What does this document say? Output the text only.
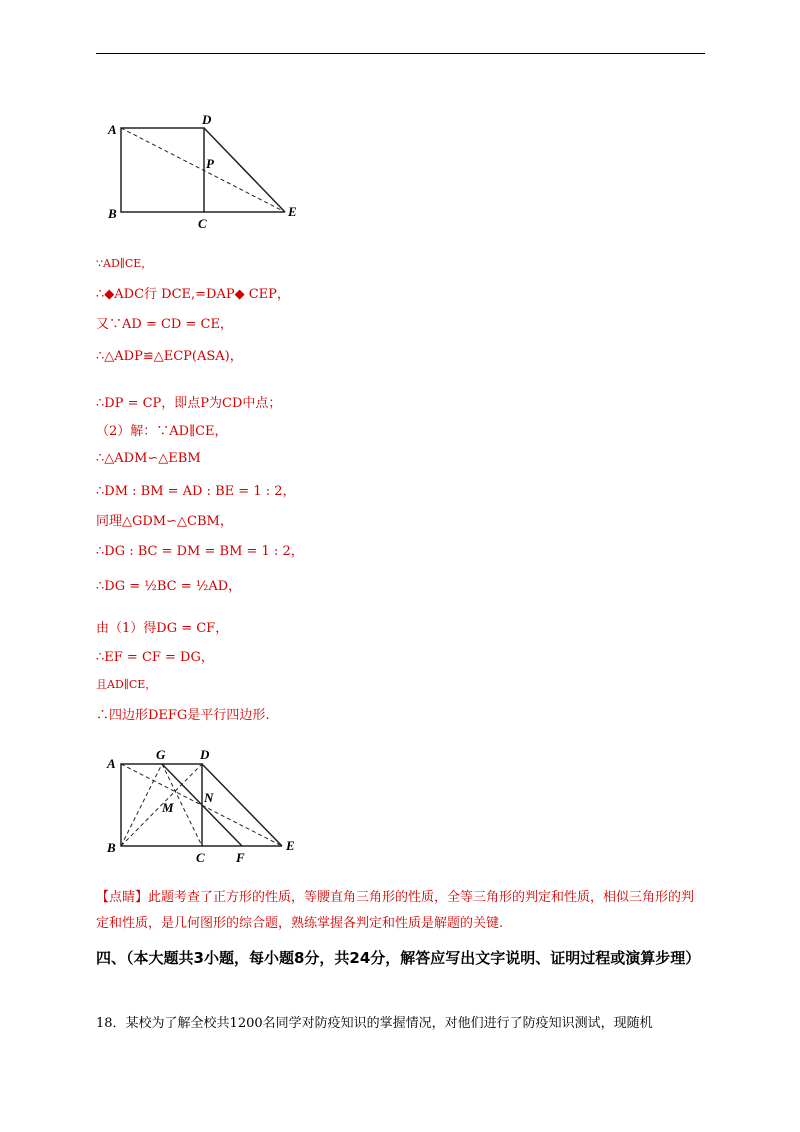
A
D
P
B
C
E
∵AD∥CE，
∴◆ADC行 DCE,=DAP◆ CEP，
又∵AD = CD = CE，
∴△ADP≌△ECP(ASA)，
∴DP = CP，即点P为CD中点；
（2）解：∵AD∥CE，
∴△ADM∽△EBM
∴DM : BM = AD : BE = 1 : 2，
同理△GDM∽△CBM，
∴DG : BC = DM = BM = 1 : 2，
∴DG = ½BC = ½AD，
由（1）得DG = CF，
∴EF = CF = DG，
且AD∥CE，
∴四边形DEFG是平行四边形.
A
G	D
M
N
B
C F
E
【点睛】此题考查了正方形的性质，等腰直角三角形的性质，全等三角形的判定和性质，相似三角形的判定和性质，是几何图形的综合题，熟练掌握各判定和性质是解题的关键.
四、（本大题共3小题，每小题8分，共24分，解答应写出文字说明、证明过程或演算步理）
18．某校为了解全校共1200名同学对防疫知识的掌握情况，对他们进行了防疫知识测试，现随机
